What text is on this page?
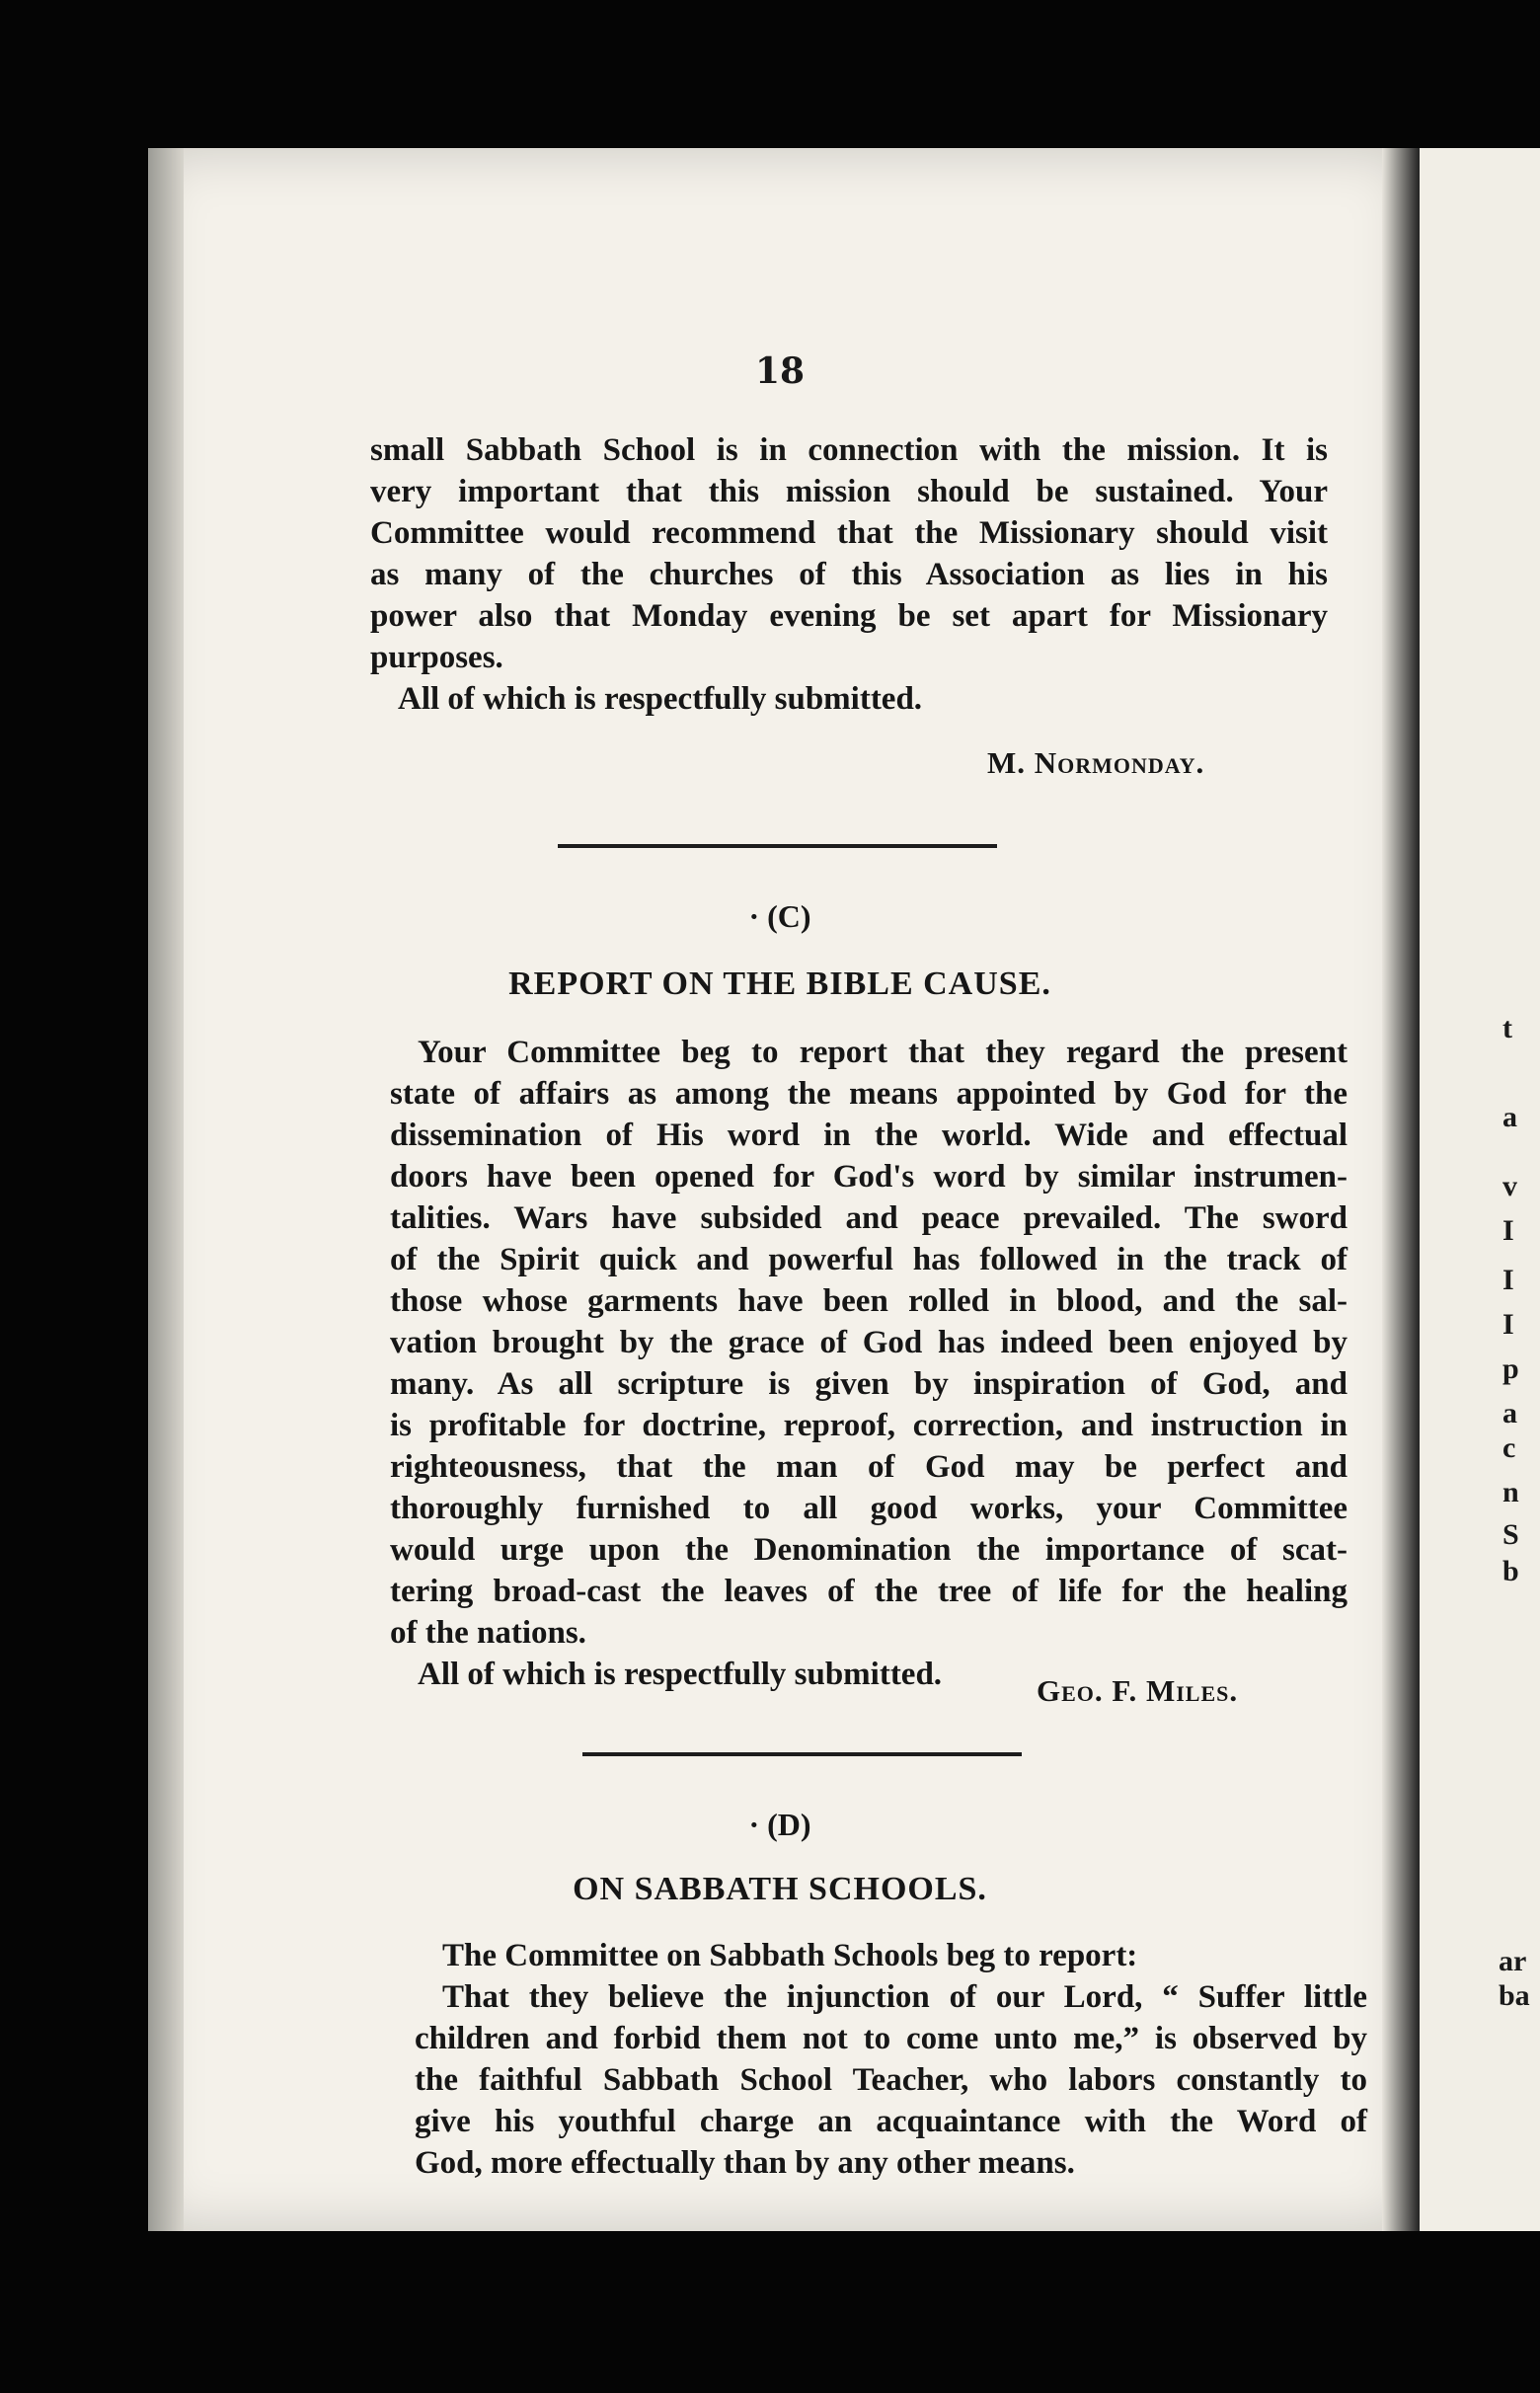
18
small Sabbath School is in connection with the mission. It is
very important that this mission should be sustained. Your
Committee would recommend that the Missionary should visit
as many of the churches of this Association as lies in his
power also that Monday evening be set apart for Missionary
purposes.
All of which is respectfully submitted.
M. Normonday.
· (C)
REPORT ON THE BIBLE CAUSE.
Your Committee beg to report that they regard the present
state of affairs as among the means appointed by God for the
dissemination of His word in the world. Wide and effectual
doors have been opened for God's word by similar instrumen-
talities. Wars have subsided and peace prevailed. The sword
of the Spirit quick and powerful has followed in the track of
those whose garments have been rolled in blood, and the sal-
vation brought by the grace of God has indeed been enjoyed by
many. As all scripture is given by inspiration of God, and
is profitable for doctrine, reproof, correction, and instruction in
righteousness, that the man of God may be perfect and
thoroughly furnished to all good works, your Committee
would urge upon the Denomination the importance of scat-
tering broad-cast the leaves of the tree of life for the healing
of the nations.
All of which is respectfully submitted.	Geo. F. Miles.
· (D)
ON SABBATH SCHOOLS.
The Committee on Sabbath Schools beg to report:
That they believe the injunction of our Lord, “ Suffer little
children and forbid them not to come unto me,” is observed by
the faithful Sabbath School Teacher, who labors constantly to
give his youthful charge an acquaintance with the Word of
God, more effectually than by any other means.
t
a
v
I
I
I
p
a
c
n
S
b
ar
ba
